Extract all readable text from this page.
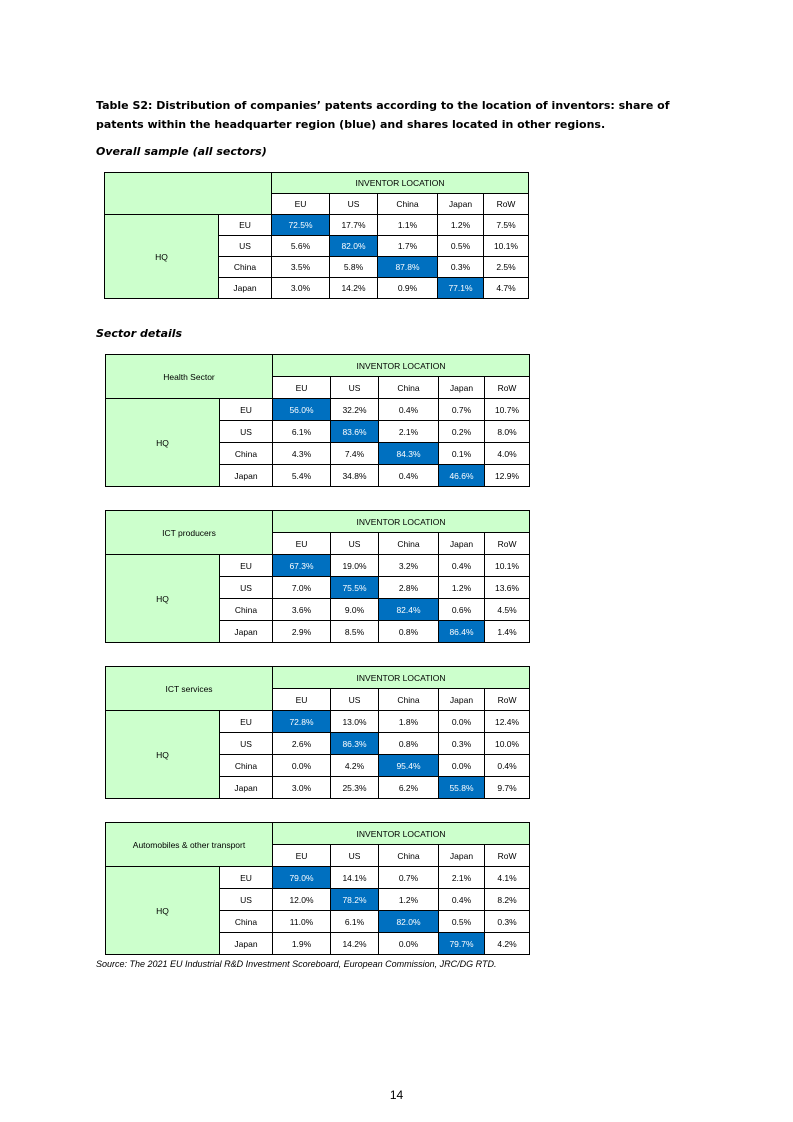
Table S2: Distribution of companies’ patents according to the location of inventors: share of patents within the headquarter region (blue) and shares located in other regions.
Overall sample (all sectors)
Sector details
		INVENTOR LOCATION				
		EU	US	China	Japan	RoW
HQ	EU	72.5%	17.7%	1.1%	1.2%	7.5%
	US	5.6%	82.0%	1.7%	0.5%	10.1%
	China	3.5%	5.8%	87.8%	0.3%	2.5%
	Japan	3.0%	14.2%	0.9%	77.1%	4.7%
Health Sector		INVENTOR LOCATION				
		EU	US	China	Japan	RoW
HQ	EU	56.0%	32.2%	0.4%	0.7%	10.7%
	US	6.1%	83.6%	2.1%	0.2%	8.0%
	China	4.3%	7.4%	84.3%	0.1%	4.0%
	Japan	5.4%	34.8%	0.4%	46.6%	12.9%
ICT producers		INVENTOR LOCATION				
		EU	US	China	Japan	RoW
HQ	EU	67.3%	19.0%	3.2%	0.4%	10.1%
	US	7.0%	75.5%	2.8%	1.2%	13.6%
	China	3.6%	9.0%	82.4%	0.6%	4.5%
	Japan	2.9%	8.5%	0.8%	86.4%	1.4%
ICT services		INVENTOR LOCATION				
		EU	US	China	Japan	RoW
HQ	EU	72.8%	13.0%	1.8%	0.0%	12.4%
	US	2.6%	86.3%	0.8%	0.3%	10.0%
	China	0.0%	4.2%	95.4%	0.0%	0.4%
	Japan	3.0%	25.3%	6.2%	55.8%	9.7%
Automobiles & other transport		INVENTOR LOCATION				
		EU	US	China	Japan	RoW
HQ	EU	79.0%	14.1%	0.7%	2.1%	4.1%
	US	12.0%	78.2%	1.2%	0.4%	8.2%
	China	11.0%	6.1%	82.0%	0.5%	0.3%
	Japan	1.9%	14.2%	0.0%	79.7%	4.2%
Source: The 2021 EU Industrial R&D Investment Scoreboard, European Commission, JRC/DG RTD.
14
